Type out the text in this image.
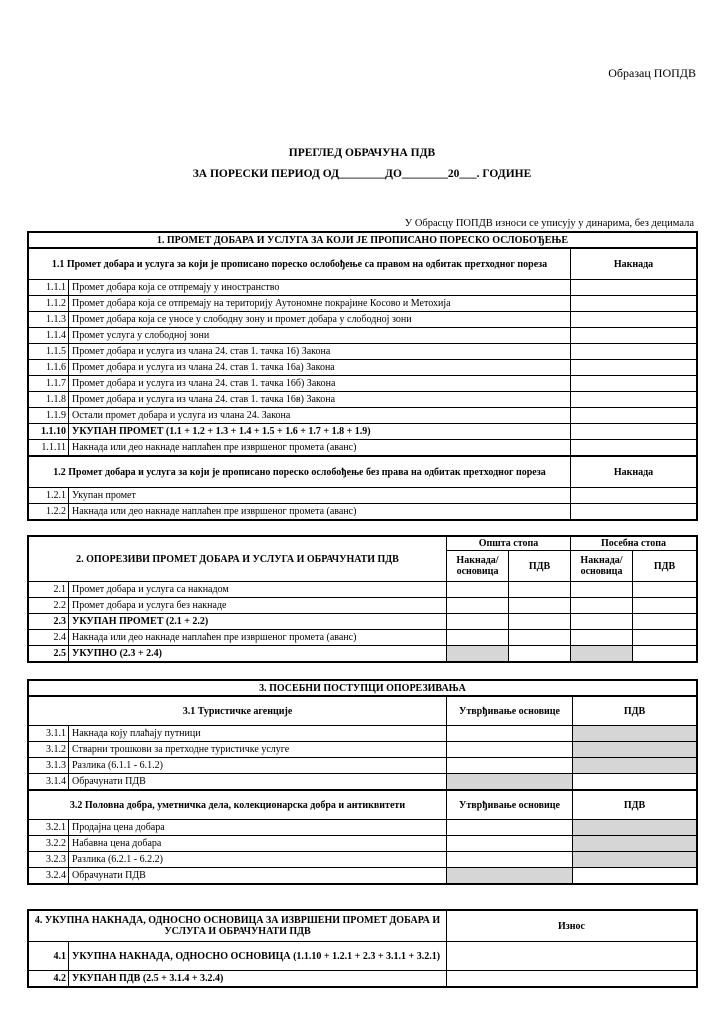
Образац ПОПДВ
ПРЕГЛЕД ОБРАЧУНА ПДВ
ЗА ПОРЕСКИ ПЕРИОД ОД________ДО________20___. ГОДИНЕ
У Обрасцу ПОПДВ износи се уписују у динарима, без децимала
1. ПРОМЕТ ДОБАРА И УСЛУГА ЗА КОЈИ ЈЕ ПРОПИСАНО ПОРЕСКО ОСЛОБОЂЕЊЕ		
1.1 Промет добара и услуга за који је прописано пореско ослобођење са правом на одбитак претходног пореза		Накнада
1.1.1	Промет добара која се отпремају у иностранство	
1.1.2	Промет добара која се отпремају на територију Аутономне покрајине Косово и Метохија	
1.1.3	Промет добара која се уносе у слободну зону и промет добара у слободној зони	
1.1.4	Промет услуга у слободној зони	
1.1.5	Промет добара и услуга из члана 24. став 1. тачка 16) Закона	
1.1.6	Промет добара и услуга из члана 24. став 1. тачка 16а) Закона	
1.1.7	Промет добара и услуга из члана 24. став 1. тачка 16б) Закона	
1.1.8	Промет добара и услуга из члана 24. став 1. тачка 16в) Закона	
1.1.9	Остали промет добара и услуга из члана 24. Закона	
1.1.10	УКУПАН ПРОМЕТ (1.1 + 1.2 + 1.3 + 1.4 + 1.5 + 1.6 + 1.7 + 1.8 + 1.9)	
1.1.11	Накнада или део накнаде наплаћен пре извршеног промета (аванс)	
1.2 Промет добара и услуга за који је прописано пореско ослобођење без права на одбитак претходног пореза		Накнада
1.2.1	Укупан промет	
1.2.2	Накнада или део накнаде наплаћен пре извршеног промета (аванс)	
2. ОПОРЕЗИВИ ПРОМЕТ ДОБАРА И УСЛУГА И ОБРАЧУНАТИ ПДВ		Општа стопа		Посебна стопа	
		Накнада/ основица	ПДВ	Накнада/ основица	ПДВ
2.1	Промет добара и услуга са накнадом				
2.2	Промет добара и услуга без накнаде				
2.3	УКУПАН ПРОМЕТ (2.1 + 2.2)				
2.4	Накнада или део накнаде наплаћен пре извршеног промета (аванс)				
2.5	УКУПНО (2.3 + 2.4)				
3. ПОСЕБНИ ПОСТУПЦИ ОПОРЕЗИВАЊА			
3.1 Туристичке агенције		Утврђивање основице	ПДВ
3.1.1	Накнада коју плаћају путници		
3.1.2	Стварни трошкови за претходне туристичке услуге		
3.1.3	Разлика (6.1.1 - 6.1.2)		
3.1.4	Обрачунати ПДВ		
3.2 Половна добра, уметничка дела, колекционарска добра и антиквитети		Утврђивање основице	ПДВ
3.2.1	Продајна цена добара		
3.2.2	Набавна цена добара		
3.2.3	Разлика (6.2.1 - 6.2.2)		
3.2.4	Обрачунати ПДВ		
4. УКУПНА НАКНАДА, ОДНОСНО ОСНОВИЦА ЗА ИЗВРШЕНИ ПРОМЕТ ДОБАРА И УСЛУГА И ОБРАЧУНАТИ ПДВ		Износ
4.1	УКУПНА НАКНАДА, ОДНОСНО ОСНОВИЦА (1.1.10 + 1.2.1 + 2.3 + 3.1.1 + 3.2.1)	
4.2	УКУПАН ПДВ (2.5 + 3.1.4 + 3.2.4)	
